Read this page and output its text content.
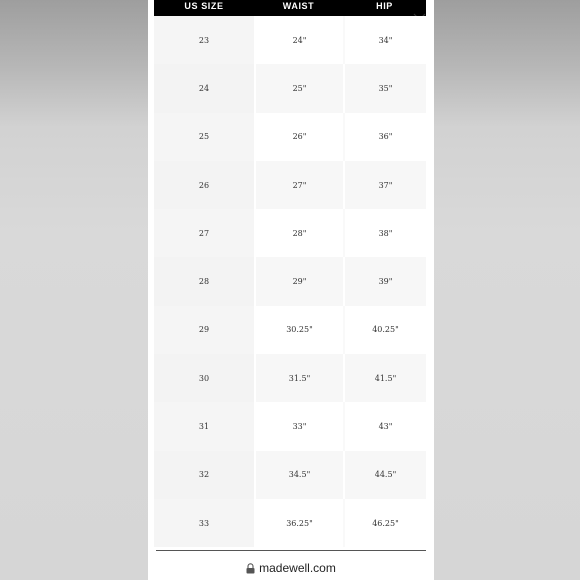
US SIZE	WAIST	HIP
23	24"	34"
24	25"	35"
25	26"	36"
26	27"	37"
27	28"	38"
28	29"	39"
29	30.25"	40.25"
30	31.5"	41.5"
31	33"	43"
32	34.5"	44.5"
33	36.25"	46.25"
madewell.com
